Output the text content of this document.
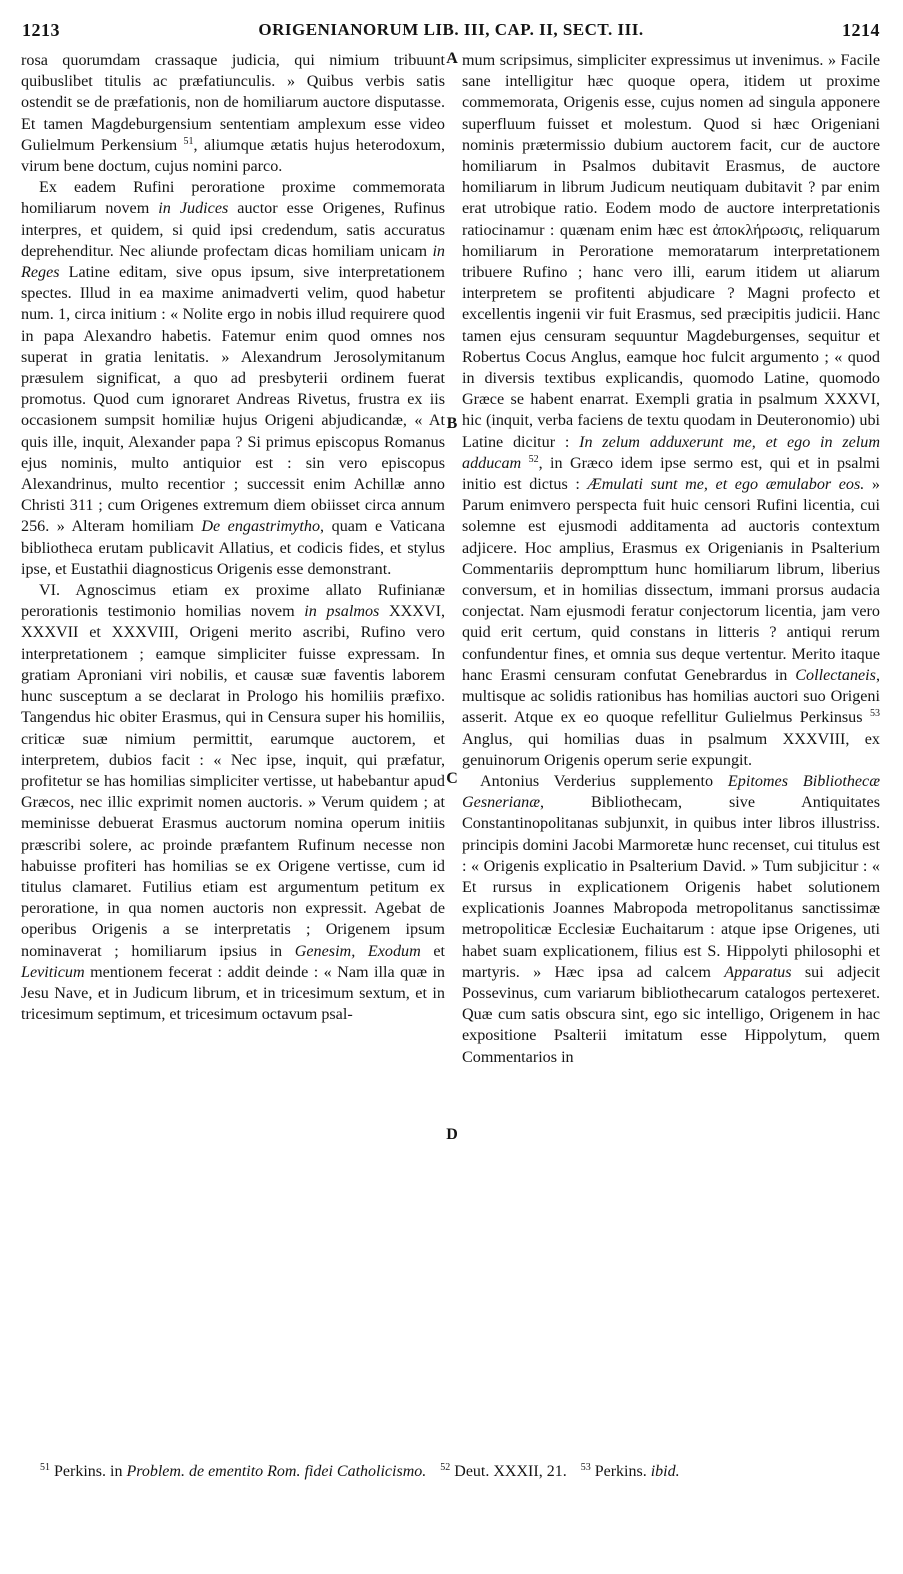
1213	ORIGENIANORUM LIB. III, CAP. II, SECT. III.	1214

rosa quorumdam crassaque judicia, qui nimium tribuunt quibuslibet titulis ac præfatiunculis. » Quibus verbis satis ostendit se de præfationis, non de homiliarum auctore disputasse. Et tamen Magdeburgensium sententiam amplexum esse video Gulielmum Perkensium $^{51}$, aliumque ætatis hujus heterodoxum, virum bene doctum, cujus nomini parco.

Ex eadem Rufini peroratione proxime commemorata homiliarum novem in Judices auctor esse Origenes, Rufinus interpres, et quidem, si quid ipsi credendum, satis accuratus deprehenditur. Nec aliunde profectam dicas homiliam unicam in Reges Latine editam, sive opus ipsum, sive interpretationem spectes. Illud in ea maxime animadverti velim, quod habetur num. 1, circa initium : « Nolite ergo in nobis illud requirere quod in papa Alexandro habetis. Fatemur enim quod omnes nos superat in gratia lenitatis. » Alexandrum Jerosolymitanum præsulem significat, a quo ad presbyterii ordinem fuerat promotus. Quod cum ignoraret Andreas Rivetus, frustra ex iis occasionem sumpsit homiliæ hujus Origeni abjudicandæ, « At quis ille, inquit, Alexander papa ? Si primus episcopus Romanus ejus nominis, multo antiquior est : sin vero episcopus Alexandrinus, multo recentior ; successit enim Achillæ anno Christi 311 ; cum Origenes extremum diem obiisset circa annum 256. » Alteram homiliam De engastrimytho, quam e Vaticana bibliotheca erutam publicavit Allatius, et codicis fides, et stylus ipse, et Eustathii diagnosticus Origenis esse demonstrant.

VI. Agnoscimus etiam ex proxime allato Rufinianæ perorationis testimonio homilias novem in psalmos XXXVI, XXXVII et XXXVIII, Origeni merito ascribi, Rufino vero interpretationem ; eamque simpliciter fuisse expressam. In gratiam Aproniani viri nobilis, et causæ suæ faventis laborem hunc susceptum a se declarat in Prologo his homiliis præfixo. Tangendus hic obiter Erasmus, qui in Censura super his homiliis, criticæ suæ nimium permittit, earumque auctorem, et interpretem, dubios facit : « Nec ipse, inquit, qui præfatur, profitetur se has homilias simpliciter vertisse, ut habebantur apud Græcos, nec illic exprimit nomen auctoris. » Verum quidem ; at meminisse debuerat Erasmus auctorum nomina operum initiis præscribi solere, ac proinde præfantem Rufinum necesse non habuisse profiteri has homilias se ex Origene vertisse, cum id titulus clamaret. Futilius etiam est argumentum petitum ex peroratione, in qua nomen auctoris non expressit. Agebat de operibus Origenis a se interpretatis ; Origenem ipsum nominaverat ; homiliarum ipsius in Genesim, Exodum et Leviticum mentionem fecerat : addit deinde : « Nam illa quæ in Jesu Nave, et in Judicum librum, et in tricesimum sextum, et in tricesimum septimum, et tricesimum octavum psal-

mum scripsimus, simpliciter expressimus ut invenimus. » Facile sane intelligitur hæc quoque opera, itidem ut proxime commemorata, Origenis esse, cujus nomen ad singula apponere superfluum fuisset et molestum. Quod si hæc Origeniani nominis prætermissio dubium auctorem facit, cur de auctore homiliarum in Psalmos dubitavit Erasmus, de auctore homiliarum in librum Judicum neutiquam dubitavit ? par enim erat utrobique ratio. Eodem modo de auctore interpretationis ratiocinamur : quænam enim hæc est ἀποκλήρωσις, reliquarum homiliarum in Peroratione memoratarum interpretationem tribuere Rufino ; hanc vero illi, earum itidem ut aliarum interpretem se profitenti abjudicare ? Magni profecto et excellentis ingenii vir fuit Erasmus, sed præcipitis judicii. Hanc tamen ejus censuram sequuntur Magdeburgenses, sequitur et Robertus Cocus Anglus, eamque hoc fulcit argumento ; « quod in diversis textibus explicandis, quomodo Latine, quomodo Græce se habent enarrat. Exempli gratia in psalmum XXXVI, hic (inquit, verba faciens de textu quodam in Deuteronomio) ubi Latine dicitur : In zelum adduxerunt me, et ego in zelum adducam $^{52}$, in Græco idem ipse sermo est, qui et in psalmi initio est dictus : Æmulati sunt me, et ego æmulabor eos. » Parum enimvero perspecta fuit huic censori Rufini licentia, cui solemne est ejusmodi additamenta ad auctoris contextum adjicere. Hoc amplius, Erasmus ex Origenianis in Psalterium Commentariis deprompttum hunc homiliarum librum, liberius conversum, et in homilias dissectum, immani prorsus audacia conjectat. Nam ejusmodi feratur conjectorum licentia, jam vero quid erit certum, quid constans in litteris ? antiqui rerum confundentur fines, et omnia sus deque vertentur. Merito itaque hanc Erasmi censuram confutat Genebrardus in Collectaneis, multisque ac solidis rationibus has homilias auctori suo Origeni asserit. Atque ex eo quoque refellitur Gulielmus Perkinsus $^{53}$ Anglus, qui homilias duas in psalmum XXXVIII, ex genuinorum Origenis operum serie expungit.

Antonius Verderius supplemento Epitomes Bibliothecæ Gesnerianæ, Bibliothecam, sive Antiquitates Constantinopolitanas subjunxit, in quibus inter libros illustriss. principis domini Jacobi Marmoretæ hunc recenset, cui titulus est : « Origenis explicatio in Psalterium David. » Tum subjicitur : « Et rursus in explicationem Origenis habet solutionem explicationis Joannes Mabropoda metropolitanus sanctissimæ metropoliticæ Ecclesiæ Euchaitarum : atque ipse Origenes, uti habet suam explicationem, filius est S. Hippolyti philosophi et martyris. » Hæc ipsa ad calcem Apparatus sui adjecit Possevinus, cum variarum bibliothecarum catalogos pertexeret. Quæ cum satis obscura sint, ego sic intelligo, Origenem in hac expositione Psalterii imitatum esse Hippolytum, quem Commentarios in

A
B
C
D
$^{51}$ Perkins. in Problem. de ementito Rom. fidei Catholicismo. $^{52}$ Deut. XXXII, 21. $^{53}$ Perkins. ibid.
